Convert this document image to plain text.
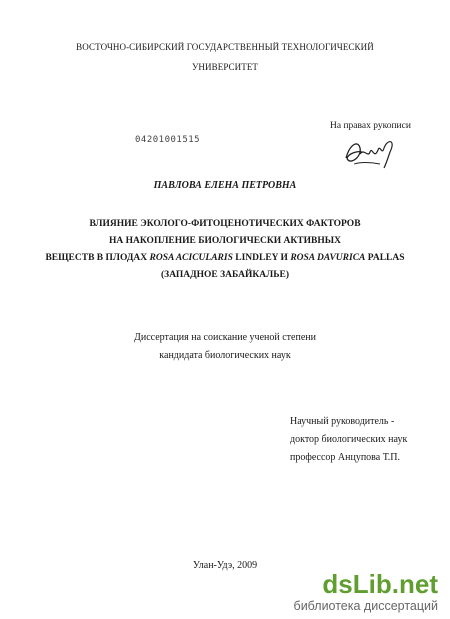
ВОСТОЧНО-СИБИРСКИЙ ГОСУДАРСТВЕННЫЙ ТЕХНОЛОГИЧЕСКИЙ
УНИВЕРСИТЕТ
04201001515
На правах рукописи
ПАВЛОВА ЕЛЕНА ПЕТРОВНА
ВЛИЯНИЕ ЭКОЛОГО-ФИТОЦЕНОТИЧЕСКИХ ФАКТОРОВ
НА НАКОПЛЕНИЕ БИОЛОГИЧЕСКИ АКТИВНЫХ
ВЕЩЕСТВ В ПЛОДАХ ROSA ACICULARIS LINDLEY И ROSA DAVURICA PALLAS
(ЗАПАДНОЕ ЗАБАЙКАЛЬЕ)
Диссертация на соискание ученой степени
кандидата биологических наук
Научный руководитель -
доктор биологических наук
профессор Анцупова Т.П.
Улан-Удэ, 2009
dsLib.net
библиотека диссертаций
